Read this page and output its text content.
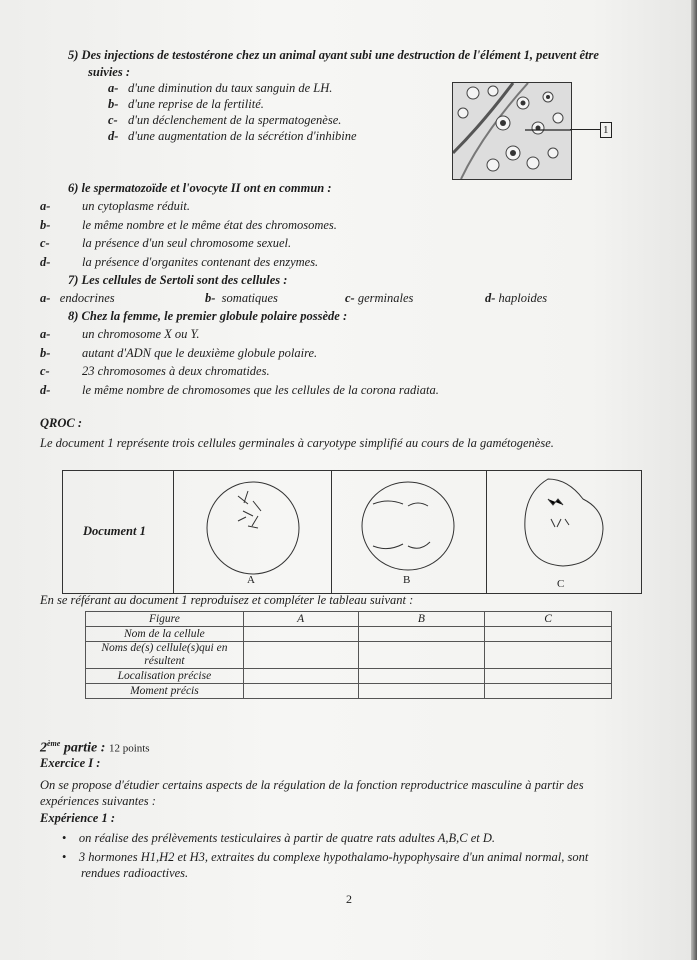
5) Des injections de testostérone chez un animal ayant subi une destruction de l'élément 1, peuvent être
suivies :
a- d'une diminution du taux sanguin de LH.
b- d'une reprise de la fertilité.
c- d'un déclenchement de la spermatogenèse.
d- d'une augmentation de la sécrétion d'inhibine	1
6) le spermatozoïde et l'ovocyte II ont en commun :
a-	un cytoplasme réduit.
b-	le même nombre et le même état des chromosomes.
c-	la présence d'un seul chromosome sexuel.
d-	la présence d'organites contenant des enzymes.
7) Les cellules de Sertoli sont des cellules :
a- endocrines	b- somatiques	c- germinales	d- haploides
8) Chez la femme, le premier globule polaire possède :
a-	un chromosome X ou Y.
b-	autant d'ADN que le deuxième globule polaire.
c-	23 chromosomes à deux chromatides.
d-	le même nombre de chromosomes que les cellules de la corona radiata.
QROC :
Le document 1 représente trois cellules germinales à caryotype simplifié au cours de la gamétogenèse.
Document 1
A	B	C
En se référant au document 1 reproduisez et compléter le tableau suivant :
Figure	A	B	C
Nom de la cellule			
Noms de(s) cellule(s)qui en résultent			
Localisation précise			
Moment précis			
2ème partie : 12 points
Exercice I :
On se propose d'étudier certains aspects de la régulation de la fonction reproductrice masculine à partir des
expériences suivantes :
Expérience 1 :
• on réalise des prélèvements testiculaires à partir de quatre rats adultes A,B,C et D.
• 3 hormones H1,H2 et H3, extraites du complexe hypothalamo-hypophysaire d'un animal normal, sont
rendues radioactives.
2
